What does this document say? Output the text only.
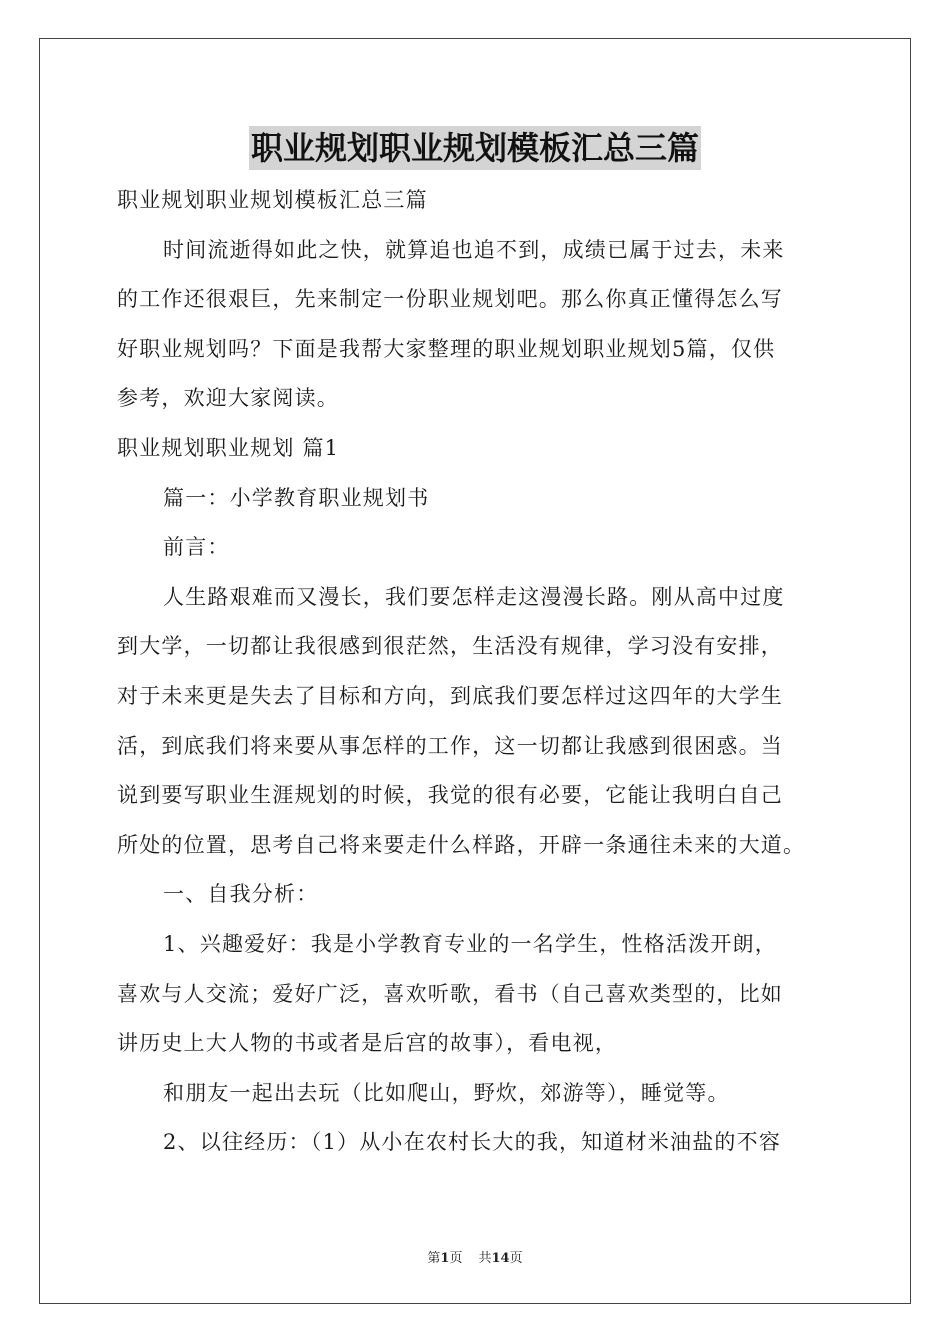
职业规划职业规划模板汇总三篇
职业规划职业规划模板汇总三篇
时间流逝得如此之快，就算追也追不到，成绩已属于过去，未来
的工作还很艰巨，先来制定一份职业规划吧。那么你真正懂得怎么写
好职业规划吗？下面是我帮大家整理的职业规划职业规划5篇，仅供
参考，欢迎大家阅读。
职业规划职业规划 篇1
篇一：小学教育职业规划书
前言：
人生路艰难而又漫长，我们要怎样走这漫漫长路。刚从高中过度
到大学，一切都让我很感到很茫然，生活没有规律，学习没有安排，
对于未来更是失去了目标和方向，到底我们要怎样过这四年的大学生
活，到底我们将来要从事怎样的工作，这一切都让我感到很困惑。当
说到要写职业生涯规划的时候，我觉的很有必要，它能让我明白自己
所处的位置，思考自己将来要走什么样路，开辟一条通往未来的大道。
一、自我分析：
1、兴趣爱好：我是小学教育专业的一名学生，性格活泼开朗，
喜欢与人交流；爱好广泛，喜欢听歌，看书（自己喜欢类型的，比如
讲历史上大人物的书或者是后宫的故事），看电视，
和朋友一起出去玩（比如爬山，野炊，郊游等），睡觉等。
2、以往经历：（1）从小在农村长大的我，知道材米油盐的不容
第1页 共14页
